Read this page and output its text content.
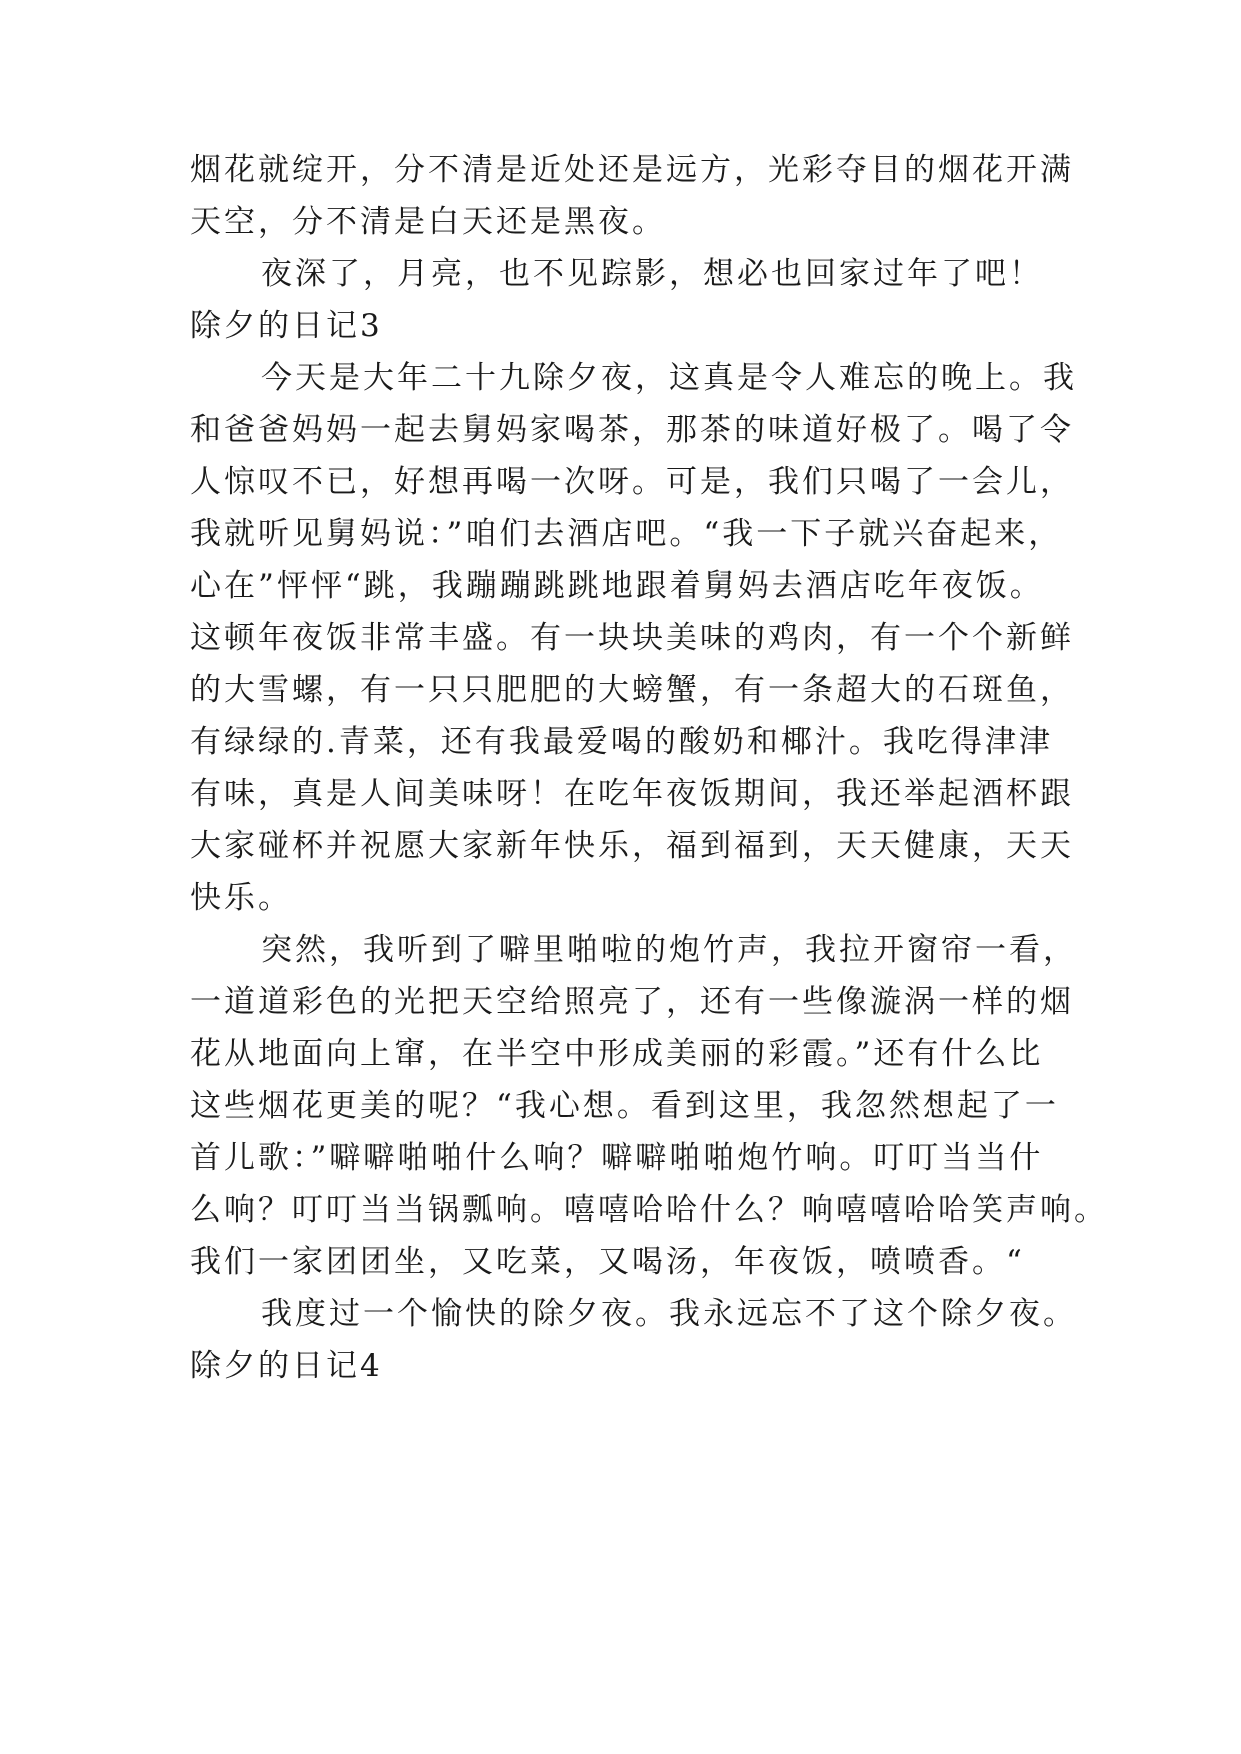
烟花就绽开，分不清是近处还是远方，光彩夺目的烟花开满
天空，分不清是白天还是黑夜。
夜深了，月亮，也不见踪影，想必也回家过年了吧！
除夕的日记3
今天是大年二十九除夕夜，这真是令人难忘的晚上。我
和爸爸妈妈一起去舅妈家喝茶，那茶的味道好极了。喝了令
人惊叹不已，好想再喝一次呀。可是，我们只喝了一会儿，
我就听见舅妈说：”咱们去酒店吧。“我一下子就兴奋起来，
心在”怦怦“跳，我蹦蹦跳跳地跟着舅妈去酒店吃年夜饭。
这顿年夜饭非常丰盛。有一块块美味的鸡肉，有一个个新鲜
的大雪螺，有一只只肥肥的大螃蟹，有一条超大的石斑鱼，
有绿绿的.青菜，还有我最爱喝的酸奶和椰汁。我吃得津津
有味，真是人间美味呀！在吃年夜饭期间，我还举起酒杯跟
大家碰杯并祝愿大家新年快乐，福到福到，天天健康，天天
快乐。
突然，我听到了噼里啪啦的炮竹声，我拉开窗帘一看，
一道道彩色的光把天空给照亮了，还有一些像漩涡一样的烟
花从地面向上窜，在半空中形成美丽的彩霞。”还有什么比
这些烟花更美的呢？“我心想。看到这里，我忽然想起了一
首儿歌：”噼噼啪啪什么响？噼噼啪啪炮竹响。叮叮当当什
么响？叮叮当当锅瓢响。嘻嘻哈哈什么？响嘻嘻哈哈笑声响。
我们一家团团坐，又吃菜，又喝汤，年夜饭，喷喷香。“
我度过一个愉快的除夕夜。我永远忘不了这个除夕夜。
除夕的日记4
